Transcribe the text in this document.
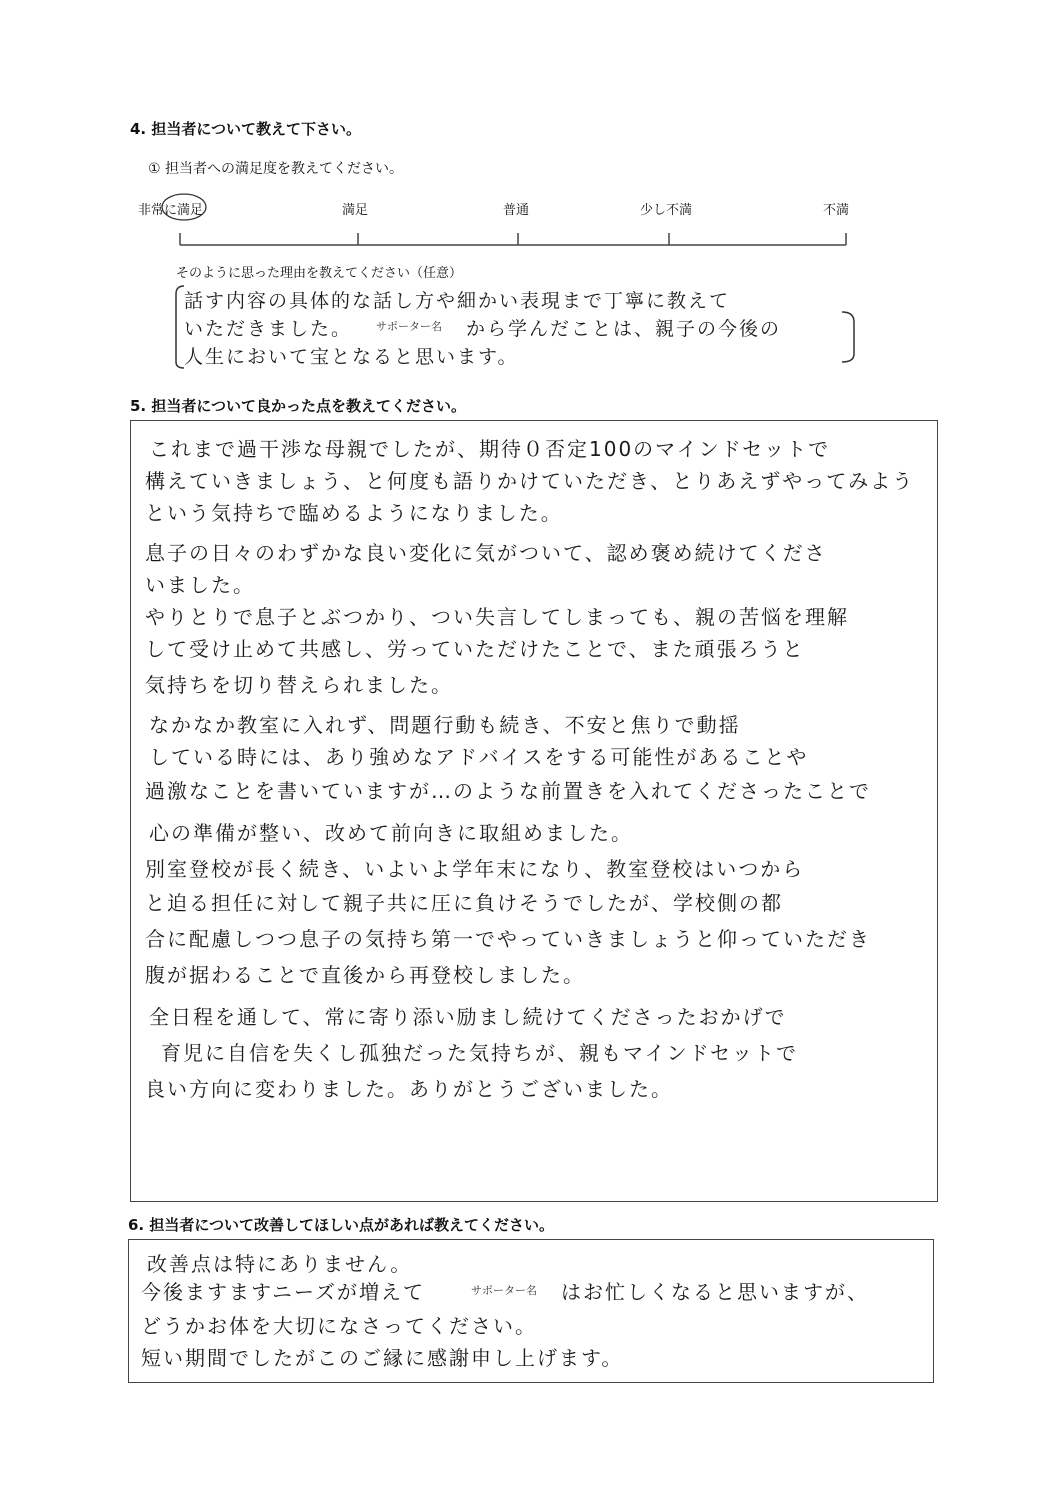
4. 担当者について教えて下さい。
① 担当者への満足度を教えてください。
非常に満足	満足	普通	少し不満	不満
そのように思った理由を教えてください（任意）
話す内容の具体的な話し方や細かい表現まで丁寧に教えて
いただきました。 サポーター名 から学んだことは、親子の今後の
人生において宝となると思います。
5. 担当者について良かった点を教えてください。
これまで過干渉な母親でしたが、期待０否定100のマインドセットで
構えていきましょう、と何度も語りかけていただき、とりあえずやってみよう
という気持ちで臨めるようになりました。
息子の日々のわずかな良い変化に気がついて、認め褒め続けてくださ
いました。
やりとりで息子とぶつかり、つい失言してしまっても、親の苦悩を理解
して受け止めて共感し、労っていただけたことで、また頑張ろうと
気持ちを切り替えられました。
なかなか教室に入れず、問題行動も続き、不安と焦りで動揺
している時には、あり強めなアドバイスをする可能性があることや
過激なことを書いていますが…のような前置きを入れてくださったことで
心の準備が整い、改めて前向きに取組めました。
別室登校が長く続き、いよいよ学年末になり、教室登校はいつから
と迫る担任に対して親子共に圧に負けそうでしたが、学校側の都
合に配慮しつつ息子の気持ち第一でやっていきましょうと仰っていただき
腹が据わることで直後から再登校しました。
全日程を通して、常に寄り添い励まし続けてくださったおかげで
育児に自信を失くし孤独だった気持ちが、親もマインドセットで
良い方向に変わりました。ありがとうございました。
6. 担当者について改善してほしい点があれば教えてください。
改善点は特にありません。
今後ますますニーズが増えて	サポーター名 はお忙しくなると思いますが、
どうかお体を大切になさってください。
短い期間でしたがこのご縁に感謝申し上げます。
